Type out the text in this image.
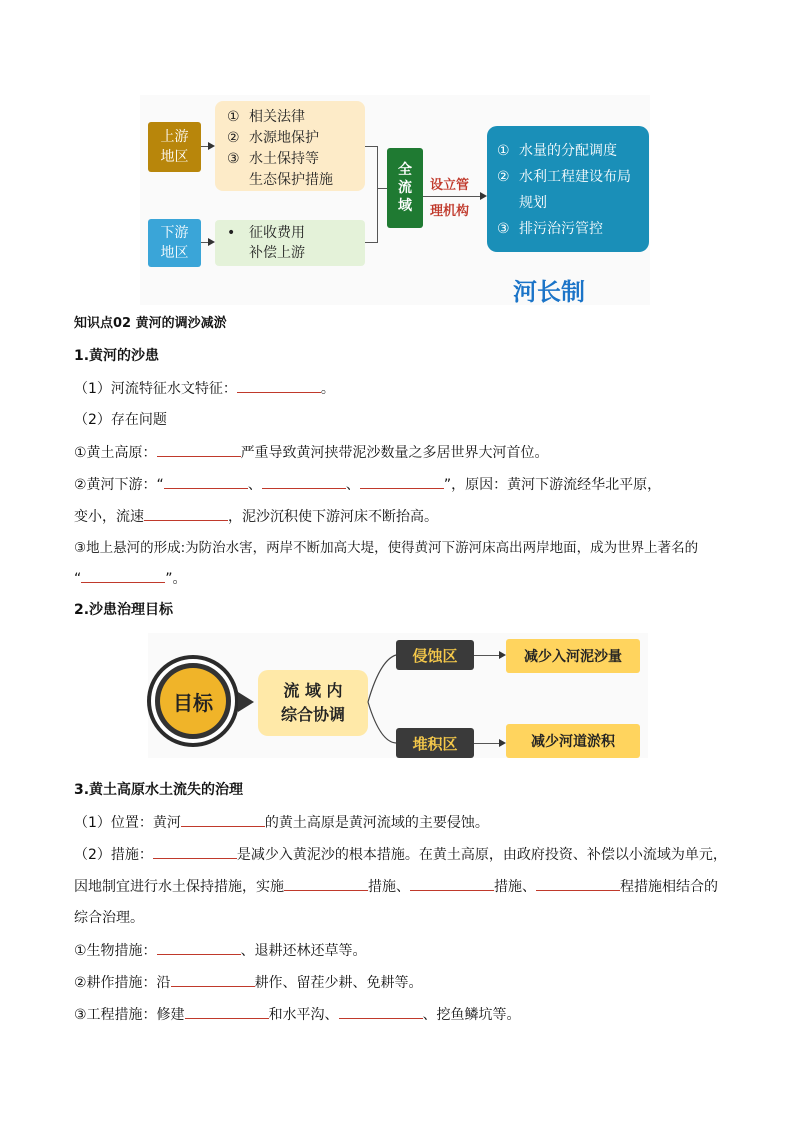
上游
地区
下游
地区
① 相关法律
② 水源地保护
③ 水土保持等
生态保护措施
• 征收费用
补偿上游
全
流
域
设立管
理机构
① 水量的分配调度
② 水利工程建设布局
规划
③ 排污治污管控
河长制
知识点02 黄河的调沙减淤
1.黄河的沙患
（1）河流特征水文特征：	。
（2）存在问题
①黄土高原：	严重导致黄河挟带泥沙数量之多居世界大河首位。
②黄河下游：“	、	、	”，原因：黄河下游流经华北平原，
变小，流速	，泥沙沉积使下游河床不断抬高。
③地上悬河的形成:为防治水害，两岸不断加高大堤，使得黄河下游河床高出两岸地面，成为世界上著名的
“	”。
2.沙患治理目标
目标	流 域 内
综合协调
侵蚀区
堆积区
减少入河泥沙量
减少河道淤积
3.黄土高原水土流失的治理
（1）位置：黄河	的黄土高原是黄河流域的主要侵蚀。
（2）措施：	是减少入黄泥沙的根本措施。在黄土高原，由政府投资、补偿以小流域为单元，
因地制宜进行水土保持措施，实施	措施、	措施、	程措施相结合的
综合治理。
①生物措施：	、退耕还林还草等。
②耕作措施：沿	耕作、留茬少耕、免耕等。
③工程措施：修建	和水平沟、	、挖鱼鳞坑等。
